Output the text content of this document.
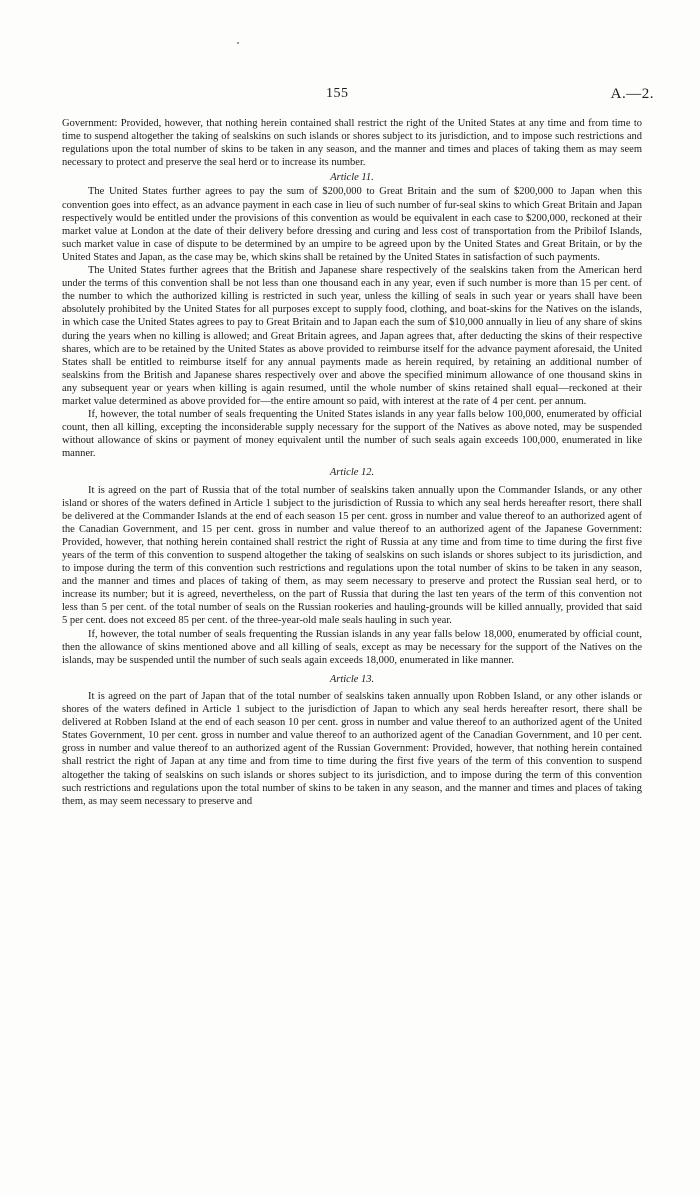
155	A.—2.

Government: Provided, however, that nothing herein contained shall restrict the right of the United States at any time and from time to time to suspend altogether the taking of sealskins on such islands or shores subject to its jurisdiction, and to impose such restrictions and regulations upon the total number of skins to be taken in any season, and the manner and times and places of taking them as may seem necessary to protect and preserve the seal herd or to increase its number.

Article 11.

The United States further agrees to pay the sum of $200,000 to Great Britain and the sum of $200,000 to Japan when this convention goes into effect, as an advance payment in each case in lieu of such number of fur-seal skins to which Great Britain and Japan respectively would be entitled under the provisions of this convention as would be equivalent in each case to $200,000, reckoned at their market value at London at the date of their delivery before dressing and curing and less cost of transportation from the Pribilof Islands, such market value in case of dispute to be determined by an umpire to be agreed upon by the United States and Great Britain, or by the United States and Japan, as the case may be, which skins shall be retained by the United States in satisfaction of such payments.

The United States further agrees that the British and Japanese share respectively of the sealskins taken from the American herd under the terms of this convention shall be not less than one thousand each in any year, even if such number is more than 15 per cent. of the number to which the authorized killing is restricted in such year, unless the killing of seals in such year or years shall have been absolutely prohibited by the United States for all purposes except to supply food, clothing, and boat-skins for the Natives on the islands, in which case the United States agrees to pay to Great Britain and to Japan each the sum of $10,000 annually in lieu of any share of skins during the years when no killing is allowed; and Great Britain agrees, and Japan agrees that, after deducting the skins of their respective shares, which are to be retained by the United States as above provided to reimburse itself for the advance payment aforesaid, the United States shall be entitled to reimburse itself for any annual payments made as herein required, by retaining an additional number of sealskins from the British and Japanese shares respectively over and above the specified minimum allowance of one thousand skins in any subsequent year or years when killing is again resumed, until the whole number of skins retained shall equal—reckoned at their market value determined as above provided for—the entire amount so paid, with interest at the rate of 4 per cent. per annum.

If, however, the total number of seals frequenting the United States islands in any year falls below 100,000, enumerated by official count, then all killing, excepting the inconsiderable supply necessary for the support of the Natives as above noted, may be suspended without allowance of skins or payment of money equivalent until the number of such seals again exceeds 100,000, enumerated in like manner.

Article 12.

It is agreed on the part of Russia that of the total number of sealskins taken annually upon the Commander Islands, or any other island or shores of the waters defined in Article 1 subject to the jurisdiction of Russia to which any seal herds hereafter resort, there shall be delivered at the Commander Islands at the end of each season 15 per cent. gross in number and value thereof to an authorized agent of the Canadian Government, and 15 per cent. gross in number and value thereof to an authorized agent of the Japanese Government: Provided, however, that nothing herein contained shall restrict the right of Russia at any time and from time to time during the first five years of the term of this convention to suspend altogether the taking of sealskins on such islands or shores subject to its jurisdiction, and to impose during the term of this convention such restrictions and regulations upon the total number of skins to be taken in any season, and the manner and times and places of taking of them, as may seem necessary to preserve and protect the Russian seal herd, or to increase its number; but it is agreed, nevertheless, on the part of Russia that during the last ten years of the term of this convention not less than 5 per cent. of the total number of seals on the Russian rookeries and hauling-grounds will be killed annually, provided that said 5 per cent. does not exceed 85 per cent. of the three-year-old male seals hauling in such year.

If, however, the total number of seals frequenting the Russian islands in any year falls below 18,000, enumerated by official count, then the allowance of skins mentioned above and all killing of seals, except as may be necessary for the support of the Natives on the islands, may be suspended until the number of such seals again exceeds 18,000, enumerated in like manner.

Article 13.

It is agreed on the part of Japan that of the total number of sealskins taken annually upon Robben Island, or any other islands or shores of the waters defined in Article 1 subject to the jurisdiction of Japan to which any seal herds hereafter resort, there shall be delivered at Robben Island at the end of each season 10 per cent. gross in number and value thereof to an authorized agent of the United States Government, 10 per cent. gross in number and value thereof to an authorized agent of the Canadian Government, and 10 per cent. gross in number and value thereof to an authorized agent of the Russian Government: Provided, however, that nothing herein contained shall restrict the right of Japan at any time and from time to time during the first five years of the term of this convention to suspend altogether the taking of sealskins on such islands or shores subject to its jurisdiction, and to impose during the term of this convention such restrictions and regulations upon the total number of skins to be taken in any season, and the manner and times and places of taking them, as may seem necessary to preserve and
